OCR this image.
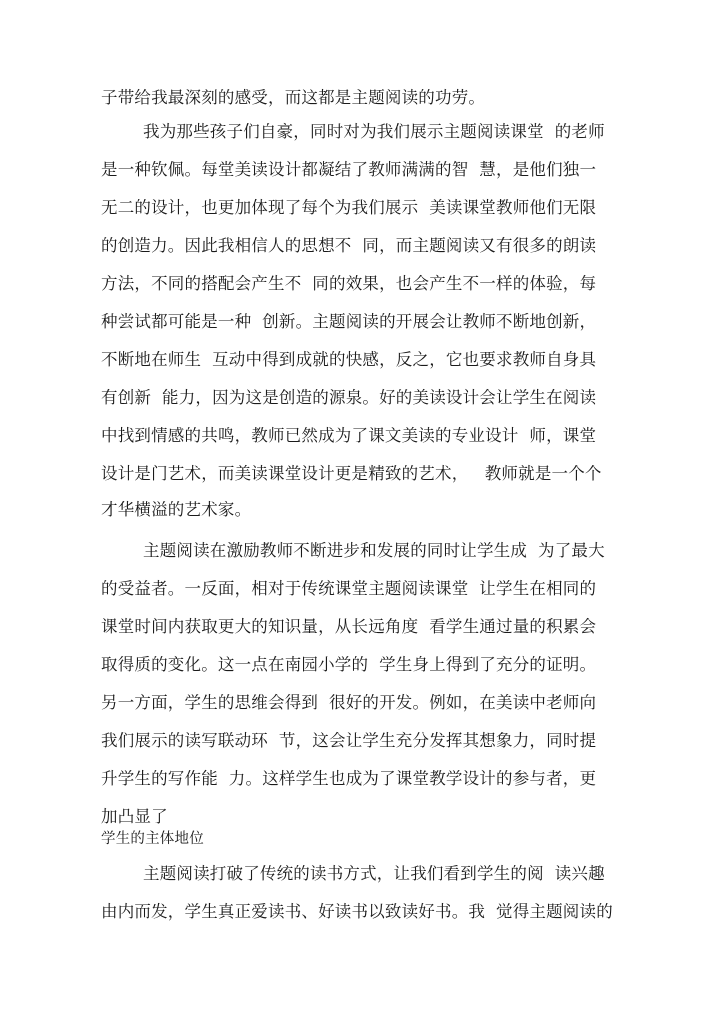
子带给我最深刻的感受，而这都是主题阅读的功劳。
我为那些孩子们自豪，同时对为我们展示主题阅读课堂  的老师
是一种钦佩。每堂美读设计都凝结了教师满满的智  慧，是他们独一
无二的设计，也更加体现了每个为我们展示  美读课堂教师他们无限
的创造力。因此我相信人的思想不  同，而主题阅读又有很多的朗读
方法，不同的搭配会产生不  同的效果，也会产生不一样的体验，每
种尝试都可能是一种  创新。主题阅读的开展会让教师不断地创新，
不断地在师生  互动中得到成就的快感，反之，它也要求教师自身具
有创新  能力，因为这是创造的源泉。好的美读设计会让学生在阅读
中找到情感的共鸣，教师已然成为了课文美读的专业设计  师，课堂
设计是门艺术，而美读课堂设计更是精致的艺术，   教师就是一个个
才华横溢的艺术家。
主题阅读在激励教师不断进步和发展的同时让学生成  为了最大
的受益者。一反面，相对于传统课堂主题阅读课堂  让学生在相同的
课堂时间内获取更大的知识量，从长远角度  看学生通过量的积累会
取得质的变化。这一点在南园小学的  学生身上得到了充分的证明。
另一方面，学生的思维会得到  很好的开发。例如，在美读中老师向
我们展示的读写联动环  节，这会让学生充分发挥其想象力，同时提
升学生的写作能  力。这样学生也成为了课堂教学设计的参与者，更
加凸显了
学生的主体地位
主题阅读打破了传统的读书方式，让我们看到学生的阅  读兴趣
由内而发，学生真正爱读书、好读书以致读好书。我  觉得主题阅读的
